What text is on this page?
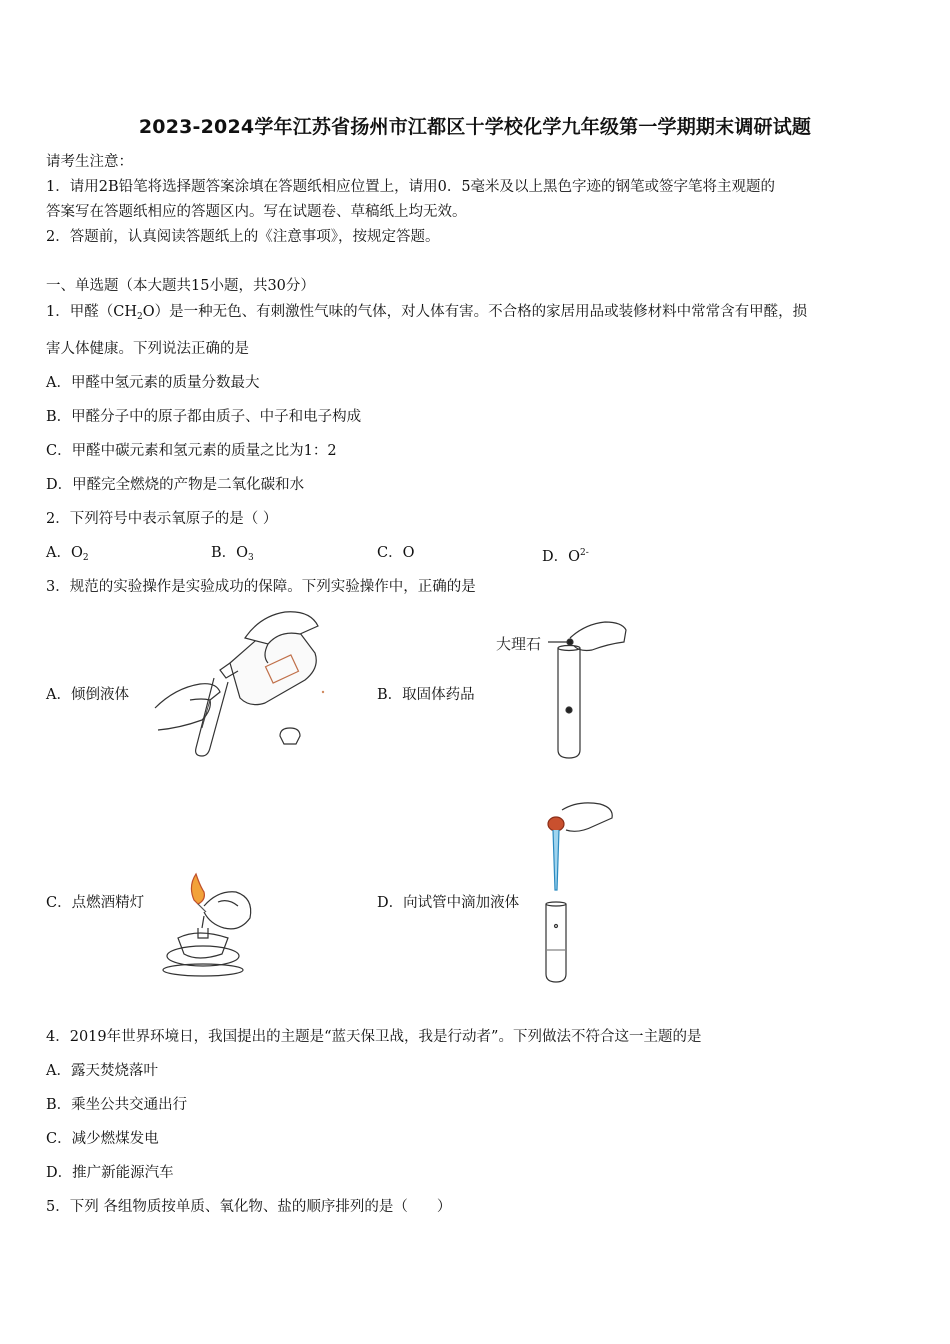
2023-2024学年江苏省扬州市江都区十学校化学九年级第一学期期末调研试题
请考生注意：
1．请用2B铅笔将选择题答案涂填在答题纸相应位置上，请用0．5毫米及以上黑色字迹的钢笔或签字笔将主观题的
答案写在答题纸相应的答题区内。写在试题卷、草稿纸上均无效。
2．答题前，认真阅读答题纸上的《注意事项》，按规定答题。
一、单选题（本大题共15小题，共30分）
1．甲醛$(CH_2O)$是一种无色、有刺激性气味的气体，对人体有害。不合格的家居用品或装修材料中常常含有甲醛，损
害人体健康。下列说法正确的是
A．甲醛中氢元素的质量分数最大
B．甲醛分子中的原子都由质子、中子和电子构成
C．甲醛中碳元素和氢元素的质量之比为1：2
D．甲醛完全燃烧的产物是二氧化碳和水
2．下列符号中表示氧原子的是（ ）
A．$O_2$	B．$O_3$	C．O	D．$O^{2-}$
3．规范的实验操作是实验成功的保障。下列实验操作中，正确的是
A．倾倒液体	B．取固体药品
C．点燃酒精灯	D．向试管中滴加液体
大理石
4．2019年世界环境日，我国提出的主题是“蓝天保卫战，我是行动者”。下列做法不符合这一主题的是
A．露天焚烧落叶
B．乘坐公共交通出行
C．减少燃煤发电
D．推广新能源汽车
5．下列 各组物质按单质、氧化物、盐的顺序排列的是（　　）
